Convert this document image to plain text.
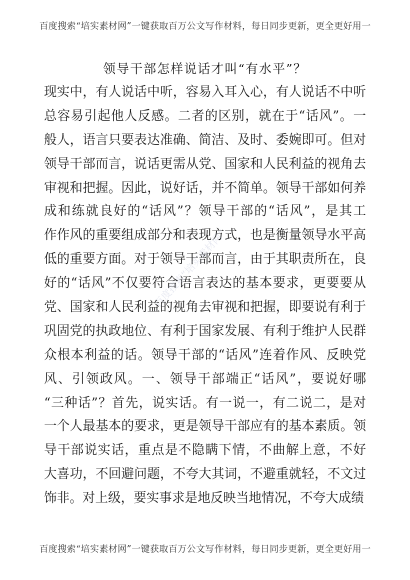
百度搜索“培实素材网”一键获取百万公文写作材料，每日同步更新，更全更好用一
领导干部怎样说话才叫“有水平”？
现实中，有人说话中听，容易入耳入心，有人说话不中听
总容易引起他人反感。二者的区别，就在于“话风”。一
般人，语言只要表达准确、简洁、及时、委婉即可。但对
领导干部而言，说话更需从党、国家和人民利益的视角去
审视和把握。因此，说好话，并不简单。领导干部如何养
成和练就良好的“话风”？领导干部的“话风”，是其工
作作风的重要组成部分和表现方式，也是衡量领导水平高
低的重要方面。对于领导干部而言，由于其职责所在，良
好的“话风”不仅要符合语言表达的基本要求，更要要从
党、国家和人民利益的视角去审视和把握，即要说有利于
巩固党的执政地位、有利于国家发展、有利于维护人民群
众根本利益的话。领导干部的“话风”连着作风、反映党
风、引领政风。一、领导干部端正“话风”，要说好哪
“三种话”？首先，说实话。有一说一，有二说二，是对
一个人最基本的要求，更是领导干部应有的基本素质。领
导干部说实话，重点是不隐瞒下情，不曲解上意，不好
大喜功，不回避问题，不夸大其词，不避重就轻，不文过
饰非。对上级，要实事求是地反映当地情况，不夸大成绩
百度搜索“培实素材网”
百度搜索“培实素材网”一键获取百万公文写作材料，每日同步更新，更全更好用一
